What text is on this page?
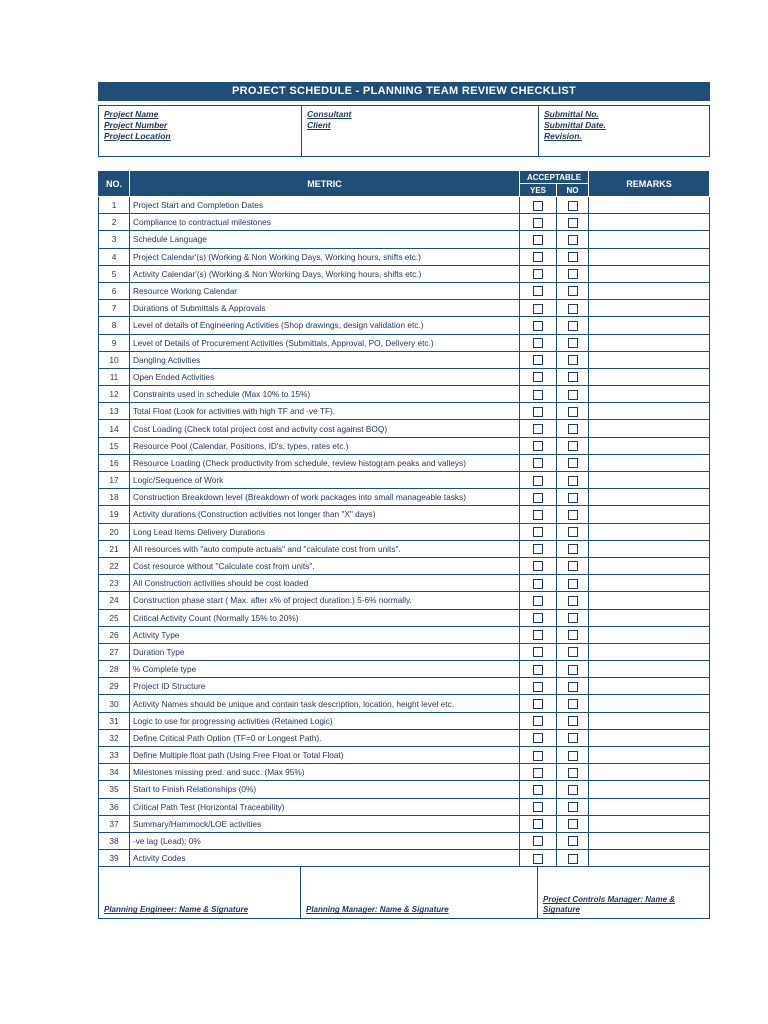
PROJECT SCHEDULE - PLANNING TEAM REVIEW CHECKLIST
Project Name
Project Number
Project Location
Consultant
Client
Submittal No.
Submittal Date.
Revision.
NO.	METRIC	ACCEPTABLE		REMARKS
		YES	NO	
1	Project Start and Completion Dates			
2	Compliance to contractual milestones			
3	Schedule Language			
4	Project Calendar'(s) (Working & Non Working Days, Working hours, shifts etc.)			
5	Activity Calendar'(s) (Working & Non Working Days, Working hours, shifts etc.)			
6	Resource Working Calendar			
7	Durations of Submittals & Approvals			
8	Level of details of Engineering Activities (Shop drawings, design validation etc.)			
9	Level of Details of Procurement Activities (Submittals, Approval, PO, Delivery etc.)			
10	Dangling Activities			
11	Open Ended Activities			
12	Constraints used in schedule (Max 10% to 15%)			
13	Total Float (Look for activities with high TF and -ve TF).			
14	Cost Loading (Check total project cost and activity cost against BOQ)			
15	Resource Pool (Calendar, Positions, ID's, types, rates etc.)			
16	Resource Loading (Check productivity from schedule, review histogram peaks and valleys)			
17	Logic/Sequence of Work			
18	Construction Breakdown level (Breakdown of work packages into small manageable tasks)			
19	Activity durations (Construction activities not longer than "X" days)			
20	Long Lead Items Delivery Durations			
21	All resources with "auto compute actuals" and "calculate cost from units".			
22	Cost resource without "Calculate cost from units".			
23	All Construction activities should be cost loaded			
24	Construction phase start ( Max. after x% of project duration.) 5-6% normally.			
25	Critical Activity Count (Normally 15% to 20%)			
26	Activity Type			
27	Duration Type			
28	% Complete type			
29	Project ID Structure			
30	Activity Names should be unique and contain task description, location, height level etc.			
31	Logic to use for progressing activities (Retained Logic)			
32	Define Critical Path Option (TF=0 or Longest Path).			
33	Define Multiple float path (Using Free Float or Total Float)			
34	Milestones missing pred. and succ. (Max 95%)			
35	Start to Finish Relationships (0%)			
36	Critical Path Test (Horizontal Traceability)			
37	Summary/Hammock/LOE activities			
38	-ve lag (Lead): 0%			
39	Activity Codes			
Planning Engineer: Name & Signature	Planning Manager: Name & Signature
Project Controls Manager: Name &
Signature
